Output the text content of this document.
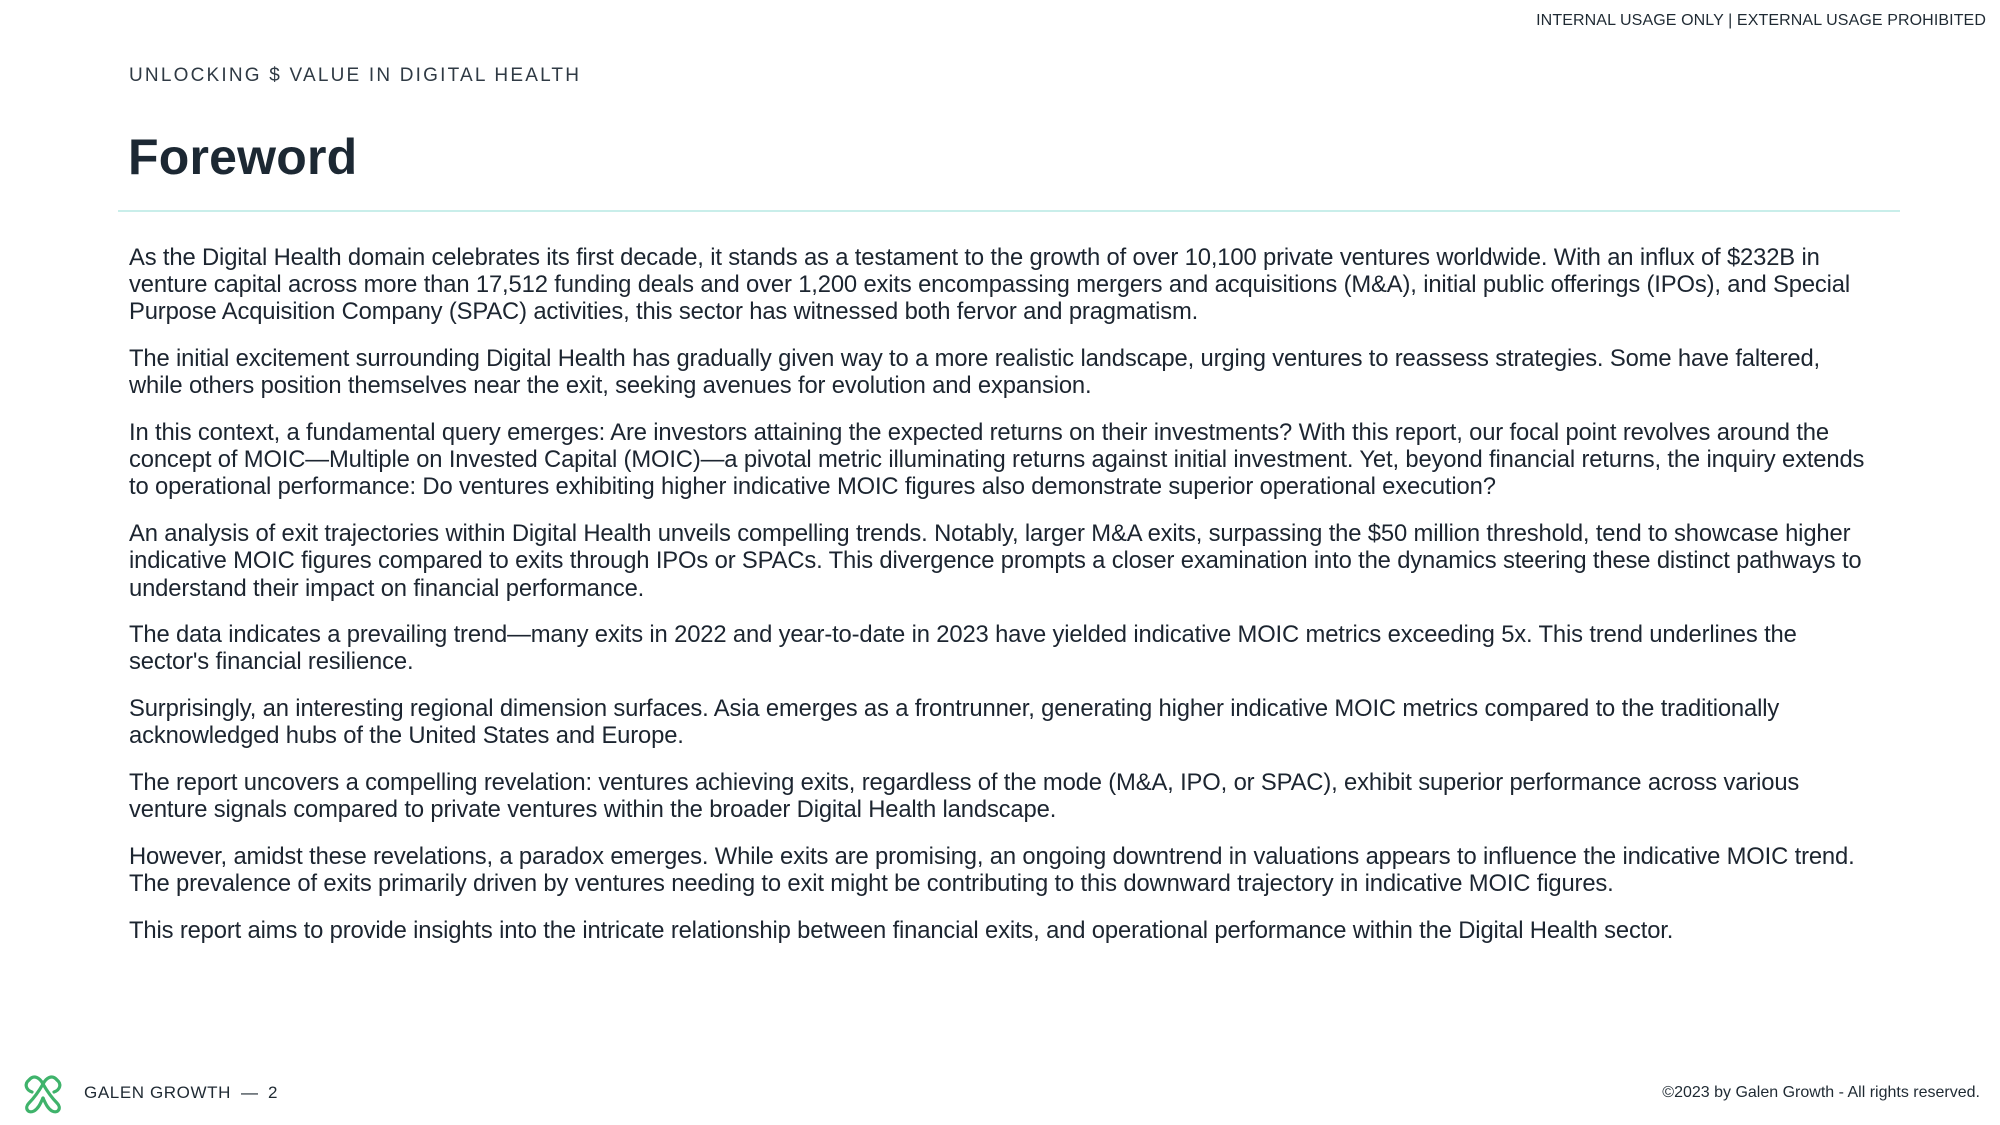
INTERNAL USAGE ONLY | EXTERNAL USAGE PROHIBITED
UNLOCKING $ VALUE IN DIGITAL HEALTH
Foreword

As the Digital Health domain celebrates its first decade, it stands as a testament to the growth of over 10,100 private ventures worldwide. With an influx of $232B in venture capital across more than 17,512 funding deals and over 1,200 exits encompassing mergers and acquisitions (M&A), initial public offerings (IPOs), and Special Purpose Acquisition Company (SPAC) activities, this sector has witnessed both fervor and pragmatism.

The initial excitement surrounding Digital Health has gradually given way to a more realistic landscape, urging ventures to reassess strategies. Some have faltered, while others position themselves near the exit, seeking avenues for evolution and expansion.

In this context, a fundamental query emerges: Are investors attaining the expected returns on their investments? With this report, our focal point revolves around the concept of MOIC—Multiple on Invested Capital (MOIC)—a pivotal metric illuminating returns against initial investment. Yet, beyond financial returns, the inquiry extends to operational performance: Do ventures exhibiting higher indicative MOIC figures also demonstrate superior operational execution?

An analysis of exit trajectories within Digital Health unveils compelling trends. Notably, larger M&A exits, surpassing the $50 million threshold, tend to showcase higher indicative MOIC figures compared to exits through IPOs or SPACs. This divergence prompts a closer examination into the dynamics steering these distinct pathways to understand their impact on financial performance.

The data indicates a prevailing trend—many exits in 2022 and year-to-date in 2023 have yielded indicative MOIC metrics exceeding 5x. This trend underlines the sector's financial resilience.

Surprisingly, an interesting regional dimension surfaces. Asia emerges as a frontrunner, generating higher indicative MOIC metrics compared to the traditionally acknowledged hubs of the United States and Europe.

The report uncovers a compelling revelation: ventures achieving exits, regardless of the mode (M&A, IPO, or SPAC), exhibit superior performance across various venture signals compared to private ventures within the broader Digital Health landscape.

However, amidst these revelations, a paradox emerges. While exits are promising, an ongoing downtrend in valuations appears to influence the indicative MOIC trend. The prevalence of exits primarily driven by ventures needing to exit might be contributing to this downward trajectory in indicative MOIC figures.

This report aims to provide insights into the intricate relationship between financial exits, and operational performance within the Digital Health sector.

GALEN GROWTH — 2	©2023 by Galen Growth - All rights reserved.
